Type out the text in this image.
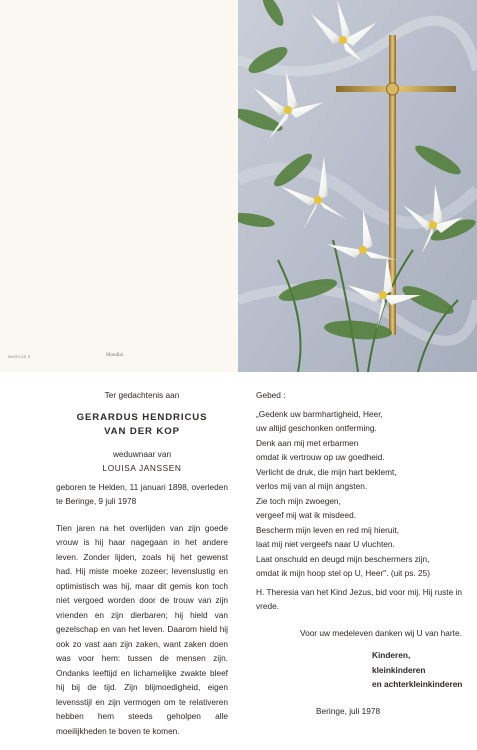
MARCUS 3	Mondial
Ter gedachtenis aan
GERARDUS HENDRICUS
VAN DER KOP
weduwnaar van
LOUISA JANSSEN
geboren te Helden, 11 januari 1898, overleden te Beringe, 9 juli 1978
Tien jaren na het overlijden van zijn goede vrouw is hij haar nagegaan in het andere leven. Zonder lijden, zoals hij het gewenst had. Hij miste moeke zozeer; levenslustig en optimistisch was hij, maar dit gemis kon toch niet vergoed worden door de trouw van zijn vrienden en zijn dierbaren; hij hield van gezelschap en van het leven. Daarom hield hij ook zo vast aan zijn zaken, want zaken doen was voor hem: tussen de mensen zijn. Ondanks leeftijd en lichamelijke zwakte bleef hij bij de tijd. Zijn blijmoedigheid, eigen levensstijl en zijn vermogen om te relativeren hebben hem steeds geholpen alle moeilijkheden te boven te komen.
Gebed :
„Gedenk uw barmhartigheid, Heer,
uw altijd geschonken ontferming.
Denk aan mij met erbarmen
omdat ik vertrouw op uw goedheid.
Verlicht de druk, die mijn hart beklemt,
verlos mij van al mijn angsten.
Zie toch mijn zwoegen,
vergeef mij wat ik misdeed.
Bescherm mijn leven en red mij hieruit,
laat mij niet vergeefs naar U vluchten.
Laat onschuld en deugd mijn beschermers zijn,
omdat ik mijn hoop stel op U, Heer". (uit ps. 25)
H. Theresia van het Kind Jezus, bid voor mij. Hij ruste in vrede.
Voor uw medeleven danken wij U van harte.
Kinderen, kleinkinderen
en achterkleinkinderen
Beringe, juli 1978
